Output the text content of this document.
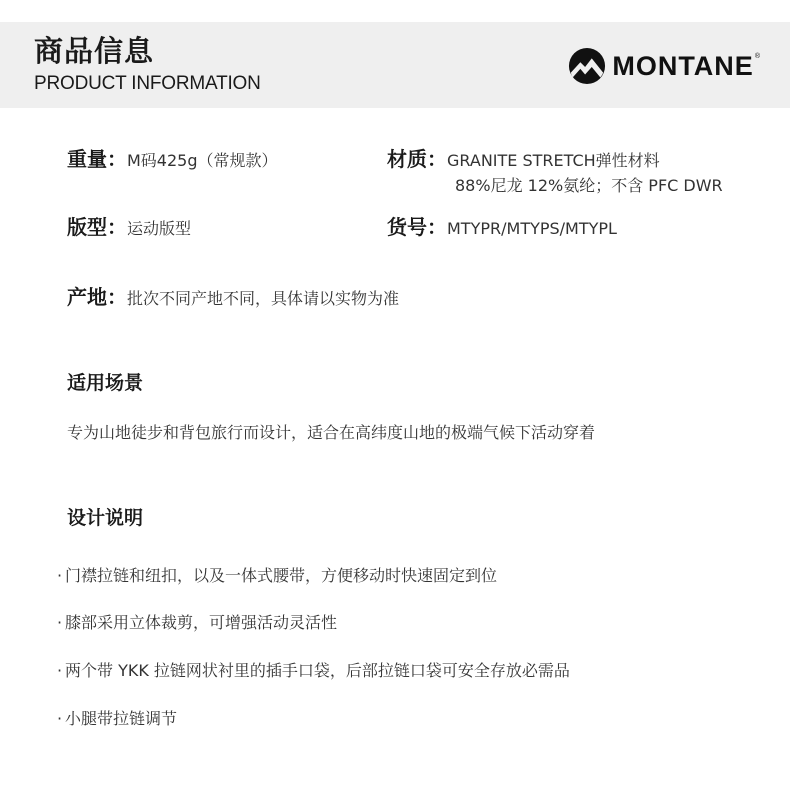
商品信息
PRODUCT INFORMATION
MONTANE ®
重量：M码425g（常规款）	材质：GRANITE STRETCH弹性材料
88%尼龙 12%氨纶；不含 PFC DWR
版型：运动版型	货号：MTYPR/MTYPS/MTYPL
产地：批次不同产地不同，具体请以实物为准
适用场景
专为山地徒步和背包旅行而设计，适合在高纬度山地的极端气候下活动穿着
设计说明
· 门襟拉链和纽扣，以及一体式腰带，方便移动时快速固定到位
· 膝部采用立体裁剪，可增强活动灵活性
· 两个带 YKK 拉链网状衬里的插手口袋，后部拉链口袋可安全存放必需品
· 小腿带拉链调节
